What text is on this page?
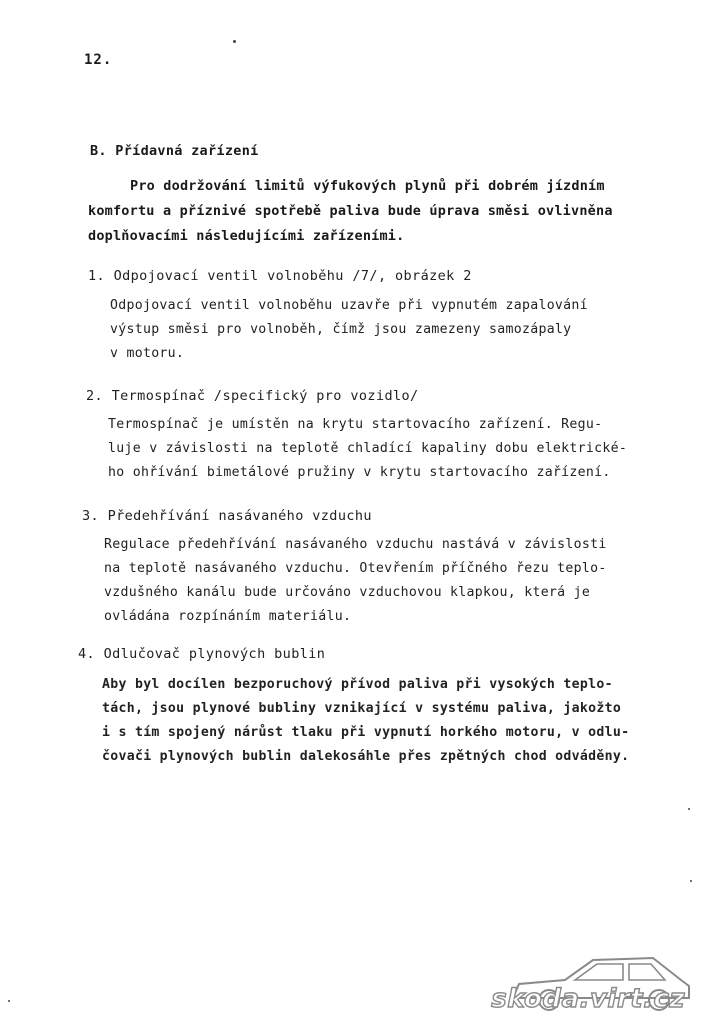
12.
B. Přídavná zařízení
Pro dodržování limitů výfukových plynů při dobrém jízdním
komfortu a příznivé spotřebě paliva bude úprava směsi ovlivněna
doplňovacími následujícími zařízeními.
1. Odpojovací ventil volnoběhu /7/, obrázek 2
Odpojovací ventil volnoběhu uzavře při vypnutém zapalování
výstup směsi pro volnoběh, čímž jsou zamezeny samozápaly
v motoru.
2. Termospínač /specifický pro vozidlo/
Termospínač je umístěn na krytu startovacího zařízení. Regu-
luje v závislosti na teplotě chladící kapaliny dobu elektrické-
ho ohřívání bimetálové pružiny v krytu startovacího zařízení.
3. Předehřívání nasávaného vzduchu
Regulace předehřívání nasávaného vzduchu nastává v závislosti
na teplotě nasávaného vzduchu. Otevřením příčného řezu teplo-
vzdušného kanálu bude určováno vzduchovou klapkou, která je
ovládána rozpínáním materiálu.
4. Odlučovač plynových bublin
Aby byl docílen bezporuchový přívod paliva při vysokých teplo-
tách, jsou plynové bubliny vznikající v systému paliva, jakožto
i s tím spojený nárůst tlaku při vypnutí horkého motoru, v odlu-
čovači plynových bublin dalekosáhle přes zpětných chod odváděny.
skoda.virt.cz
